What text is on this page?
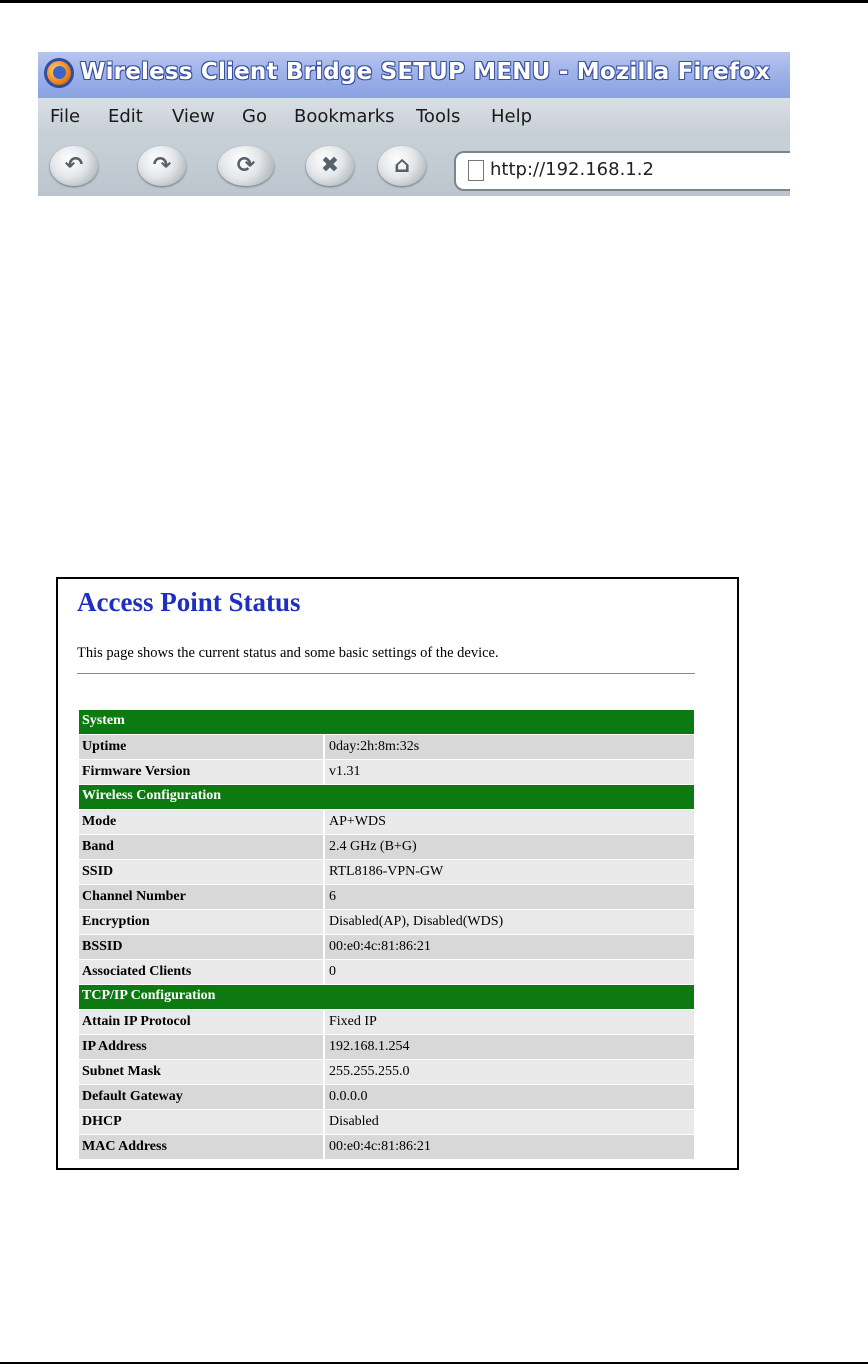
Wireless Client Bridge SETUP MENU - Mozilla Firefox
File Edit View Go Bookmarks Tools Help
↶	↷	⟳	✖	⌂	http://192.168.1.2
Access Point Status
This page shows the current status and some basic settings of the device.
System
Uptime	0day:2h:8m:32s
Firmware Version	v1.31
Wireless Configuration
Mode	AP+WDS
Band	2.4 GHz (B+G)
SSID	RTL8186-VPN-GW
Channel Number	6
Encryption	Disabled(AP), Disabled(WDS)
BSSID	00:e0:4c:81:86:21
Associated Clients	0
TCP/IP Configuration
Attain IP Protocol	Fixed IP
IP Address	192.168.1.254
Subnet Mask	255.255.255.0
Default Gateway	0.0.0.0
DHCP	Disabled
MAC Address	00:e0:4c:81:86:21
